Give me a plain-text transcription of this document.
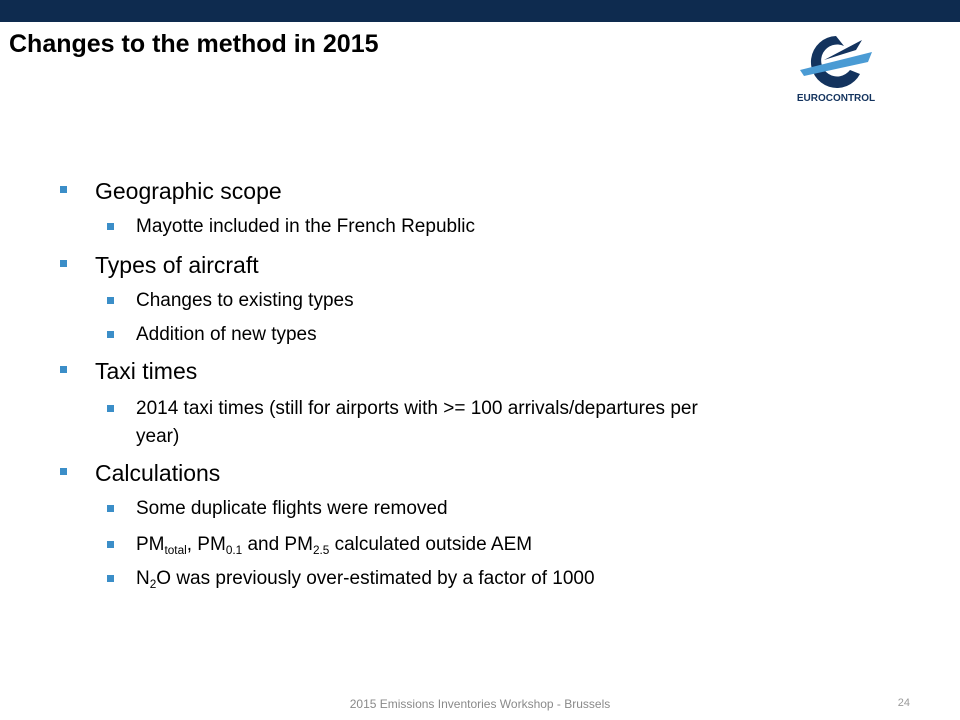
Changes to the method in 2015
EUROCONTROL
Geographic scope
Mayotte included in the French Republic
Types of aircraft
Changes to existing types
Addition of new types
Taxi times
2014 taxi times (still for airports with >= 100 arrivals/departures per
year)
Calculations
Some duplicate flights were removed
$PM_{total}$, $PM_{0.1}$ and $PM_{2.5}$ calculated outside AEM
$N_2O$ was previously over-estimated by a factor of 1000
2015 Emissions Inventories Workshop - Brussels	24
